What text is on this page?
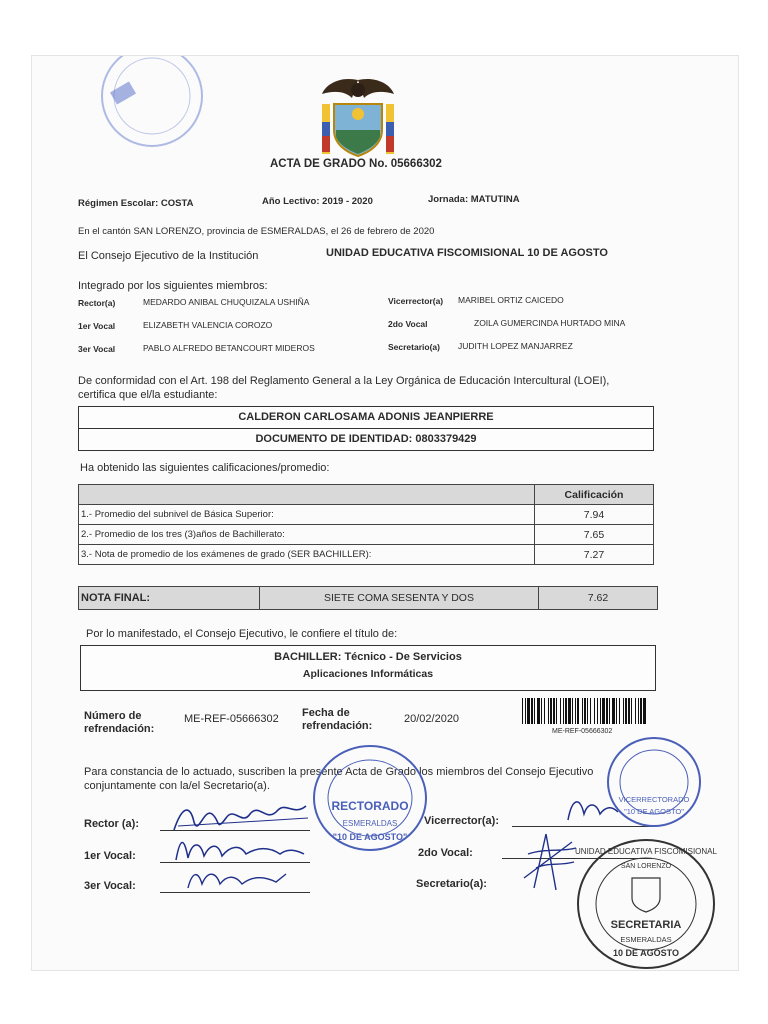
ACTA DE GRADO No. 05666302
Régimen Escolar: COSTA	Año Lectivo: 2019 - 2020	Jornada: MATUTINA
En el cantón SAN LORENZO, provincia de ESMERALDAS, el 26 de febrero de 2020
El Consejo Ejecutivo de la Institución	UNIDAD EDUCATIVA FISCOMISIONAL 10 DE AGOSTO
Integrado por los siguientes miembros:
Rector(a)	MEDARDO ANIBAL CHUQUIZALA USHIÑA	Vicerrector(a) MARIBEL ORTIZ CAICEDO
1er Vocal	ELIZABETH VALENCIA COROZO	2do Vocal	ZOILA GUMERCINDA HURTADO MINA
3er Vocal	PABLO ALFREDO BETANCOURT MIDEROS	Secretario(a) JUDITH LOPEZ MANJARREZ
De conformidad con el Art. 198 del Reglamento General a la Ley Orgánica de Educación Intercultural (LOEI),
certifica que el/la estudiante:
CALDERON CARLOSAMA ADONIS JEANPIERRE
DOCUMENTO DE IDENTIDAD: 0803379429
Ha obtenido las siguientes calificaciones/promedio:
	Calificación
1.- Promedio del subnivel de Básica Superior:	7.94
2.- Promedio de los tres (3)años de Bachillerato:	7.65
3.- Nota de promedio de los exámenes de grado (SER BACHILLER):	7.27
NOTA FINAL:	SIETE COMA SESENTA Y DOS	7.62
Por lo manifestado, el Consejo Ejecutivo, le confiere el título de:
BACHILLER: Técnico - De Servicios
Aplicaciones Informáticas
Número de
refrendación:
ME-REF-05666302 Fecha de
refrendación:
20/02/2020
ME-REF-05666302
Para constancia de lo actuado, suscriben la presente Acta de Grado los miembros del Consejo Ejecutivo
conjuntamente con la/el Secretario(a).
Rector (a):
1er Vocal:
3er Vocal:
Vicerrector(a):
2do Vocal:
Secretario(a):
RECTORADO
ESMERALDAS
"10 DE AGOSTO"
VICERRECTORADO
"10 DE AGOSTO"
UNIDAD EDUCATIVA FISCOMISIONAL
SAN LORENZO
SECRETARIA
ESMERALDAS
10 DE AGOSTO
